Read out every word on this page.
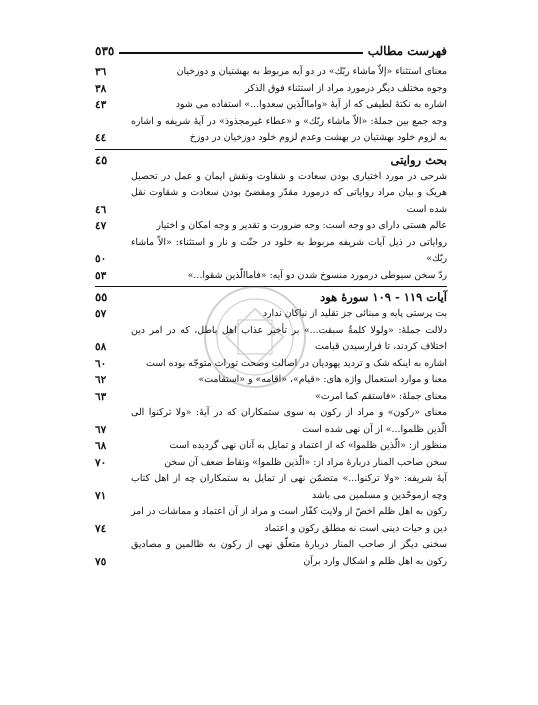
فهرست مطالب
٥٣٥
معنای استثناء «إلاّ ماشاء ربّك» در دو آیه مربوط به بهشتیان و دوزخیان
٣٦
وجوه مختلف دیگر درمورد مراد از استثناء فوق الذکر
٣٨
اشاره به نکتهٔ لطیفی که از آیهٔ «واماالّذین سعدوا...» استفاده می شود
٤٣
وجه جمع بین جملهٔ: «الاّ ماشاء ربّك» و «عطاء غیرمجذوذ» در آیهٔ شریفه و اشاره به لزوم خلود بهشتیان در بهشت وعدم لزوم خلود دوزخیان در دوزخ
٤٤
بحث روایتی
٤٥
شرحی در مورد اختیاری بودن سعادت و شقاوت ونقش ایمان و عمل در تحصیل هریک و بیان مراد روایاتی که درمورد مقدّر ومقضیّ بودن سعادت و شقاوت نقل شده است
٤٦
عالم هستی دارای دو وجه است: وجه ضرورت و تقدیر و وجه امکان و اختیار
٤٧
روایاتی در ذیل آیات شریفه مربوط به خلود در جنّت و نار و استثناء: «الاّ ماشاء ربّك»
٥٠
ردّ سخن سیوطی درمورد منسوخ شدن دو آیه: «فاماالّذین شقوا...»
٥٣
آیات ١١٩ - ١٠٩ سورهٔ هود
٥٥
بت پرستی پایه و مبنائی جز تقلید از نیاکان ندارد
٥٧
دلالت جملهٔ: «ولولا کلمةٌ سبقت...» بر تأخیر عذاب اهل باطل، که در امر دین اختلاف کردند، تا فرارسیدن قیامت
٥٨
اشاره به اینکه شک و تردید یهودیان در اصالت وصحت تورات متوجّه بوده است
٦٠
معنا و موارد استعمال واژه های: «قیام»، «اقامه» و «استقامت»
٦٢
معنای جملهٔ: «فاستقم کما امرت»
٦٣
معنای «رکون» و مراد از رکون به سوی ستمکاران که در آیهٔ: «ولا ترکنوا الی الّذین ظلموا...» از آن نهی شده است
٦٧
منظور از: «الّذین ظلموا» که از اعتماد و تمایل به آنان نهی گردیده است
٦٨
سخن صاحب المنار دربارهٔ مراد از: «الّذین ظلموا» ونقاط ضعف آن سخن
٧٠
آیهٔ شریفه: «ولا ترکنوا...» متضمّن نهی از تمایل به ستمکاران چه از اهل کتاب وچه ازموحّدین و مسلمین می باشد
٧١
رکون به اهل ظلم اخصّ از ولایت کفّار است و مراد از آن اعتماد و مماشات در امر دین و حیات دینی است نه مطلق رکون و اعتماد
٧٤
سخنی دیگر از صاحب المنار دربارهٔ متعلّق نهی از رکون به ظالمین و مصادیق رکون به اهل ظلم و اشکال وارد برآن
٧٥
